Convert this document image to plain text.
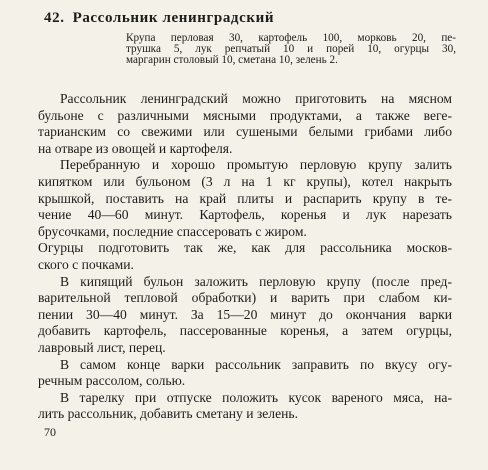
42. Рассольник ленинградский
Крупа перловая 30, картофель 100, морковь 20, пе-
трушка 5, лук репчатый 10 и порей 10, огурцы 30,
маргарин столовый 10, сметана 10, зелень 2.
Рассольник ленинградский можно приготовить на мясном
бульоне с различными мясными продуктами, а также веге-
тарианским со свежими или сушеными белыми грибами либо
на отваре из овощей и картофеля.
Перебранную и хорошо промытую перловую крупу залить
кипятком или бульоном (3 л на 1 кг крупы), котел накрыть
крышкой, поставить на край плиты и распарить крупу в те-
чение 40—60 минут. Картофель, коренья и лук нарезать
брусочками, последние спассеровать с жиром.
Огурцы подготовить так же, как для рассольника москов-
ского с почками.
В кипящий бульон заложить перловую крупу (после пред-
варительной тепловой обработки) и варить при слабом ки-
пении 30—40 минут. За 15—20 минут до окончания варки
добавить картофель, пассерованные коренья, а затем огурцы,
лавровый лист, перец.
В самом конце варки рассольник заправить по вкусу огу-
речным рассолом, солью.
В тарелку при отпуске положить кусок вареного мяса, на-
лить рассольник, добавить сметану и зелень.
70
